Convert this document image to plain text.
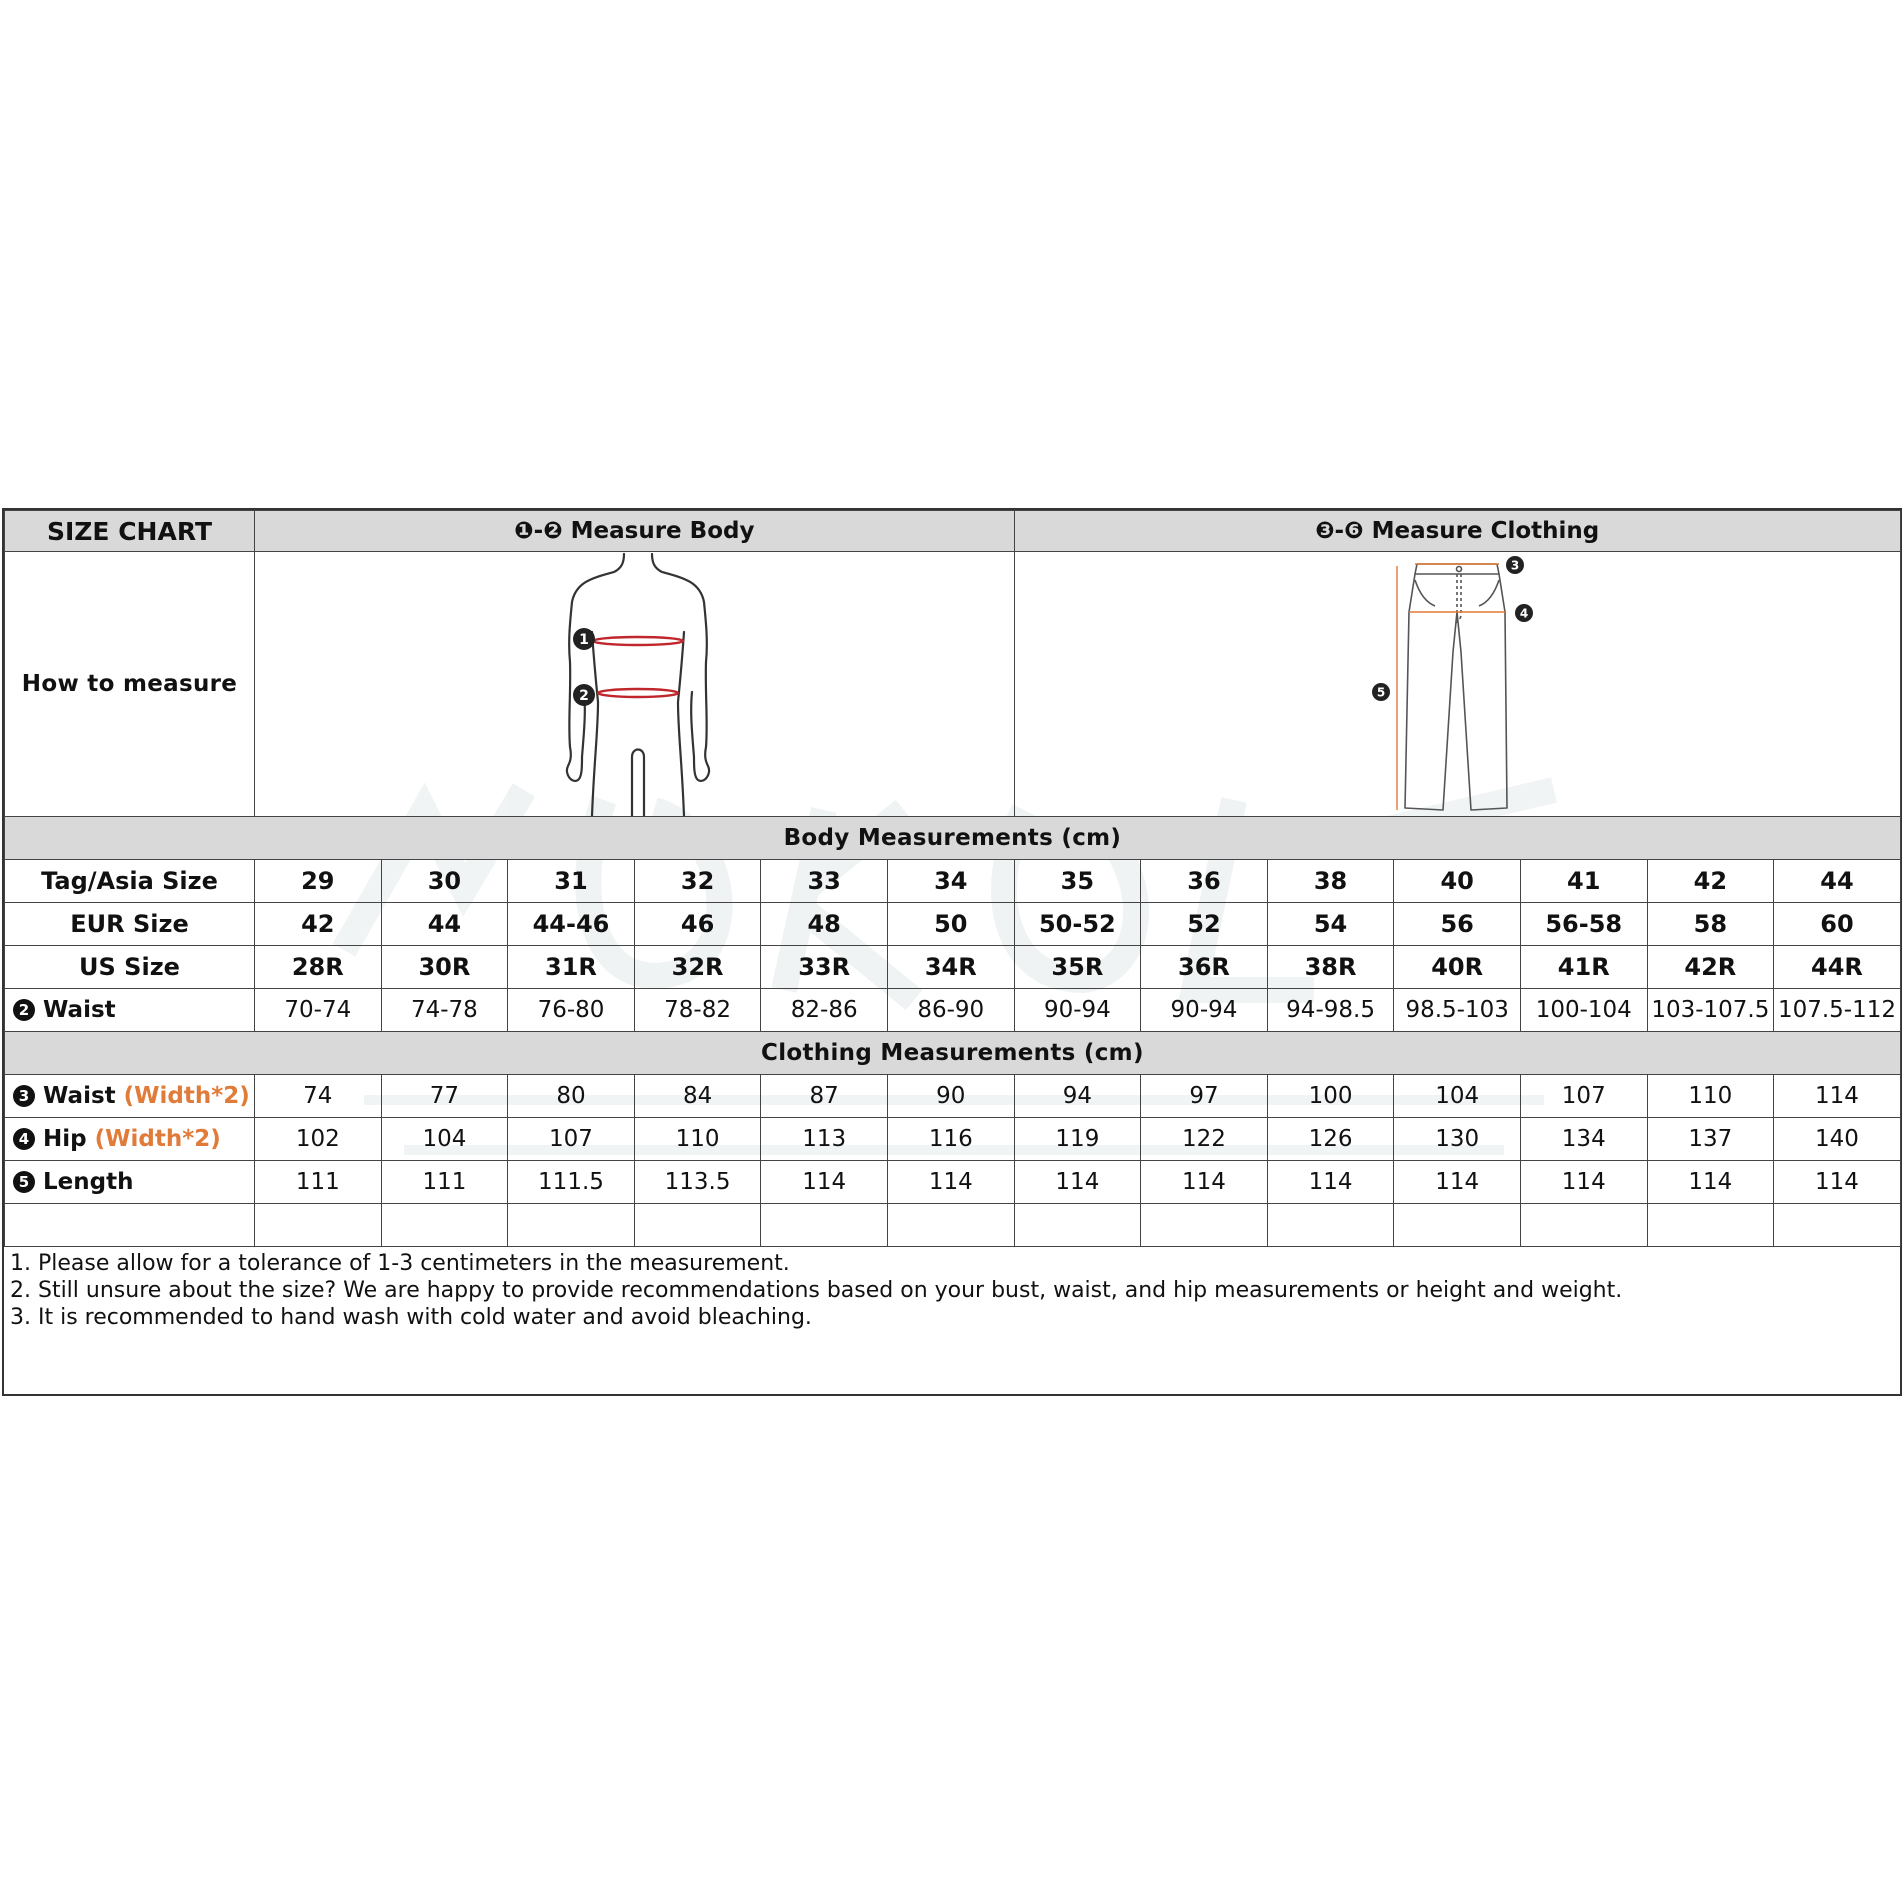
SIZE CHART	❶-❷ Measure Body						❸-❻ Measure Clothing						
How to measure	1
2						3
4
5						

Body Measurements (cm)													
Tag/Asia Size	29	30	31	32	33	34	35	36	38	40	41	42	44
EUR Size	42	44	44-46	46	48	50	50-52	52	54	56	56-58	58	60
US Size	28R	30R	31R	32R	33R	34R	35R	36R	38R	40R	41R	42R	44R
2 Waist	70-74	74-78	76-80	78-82	82-86	86-90	90-94	90-94	94-98.5	98.5-103	100-104	103-107.5	107.5-112
Clothing Measurements (cm)													
3 Waist (Width*2)	74	77	80	84	87	90	94	97	100	104	107	110	114
4 Hip (Width*2)	102	104	107	110	113	116	119	122	126	130	134	137	140
5 Length	111	111	111.5	113.5	114	114	114	114	114	114	114	114	114

1. Please allow for a tolerance of 1-3 centimeters in the measurement.
2. Still unsure about the size? We are happy to provide recommendations based on your bust, waist, and hip measurements or height and weight.
3. It is recommended to hand wash with cold water and avoid bleaching.
